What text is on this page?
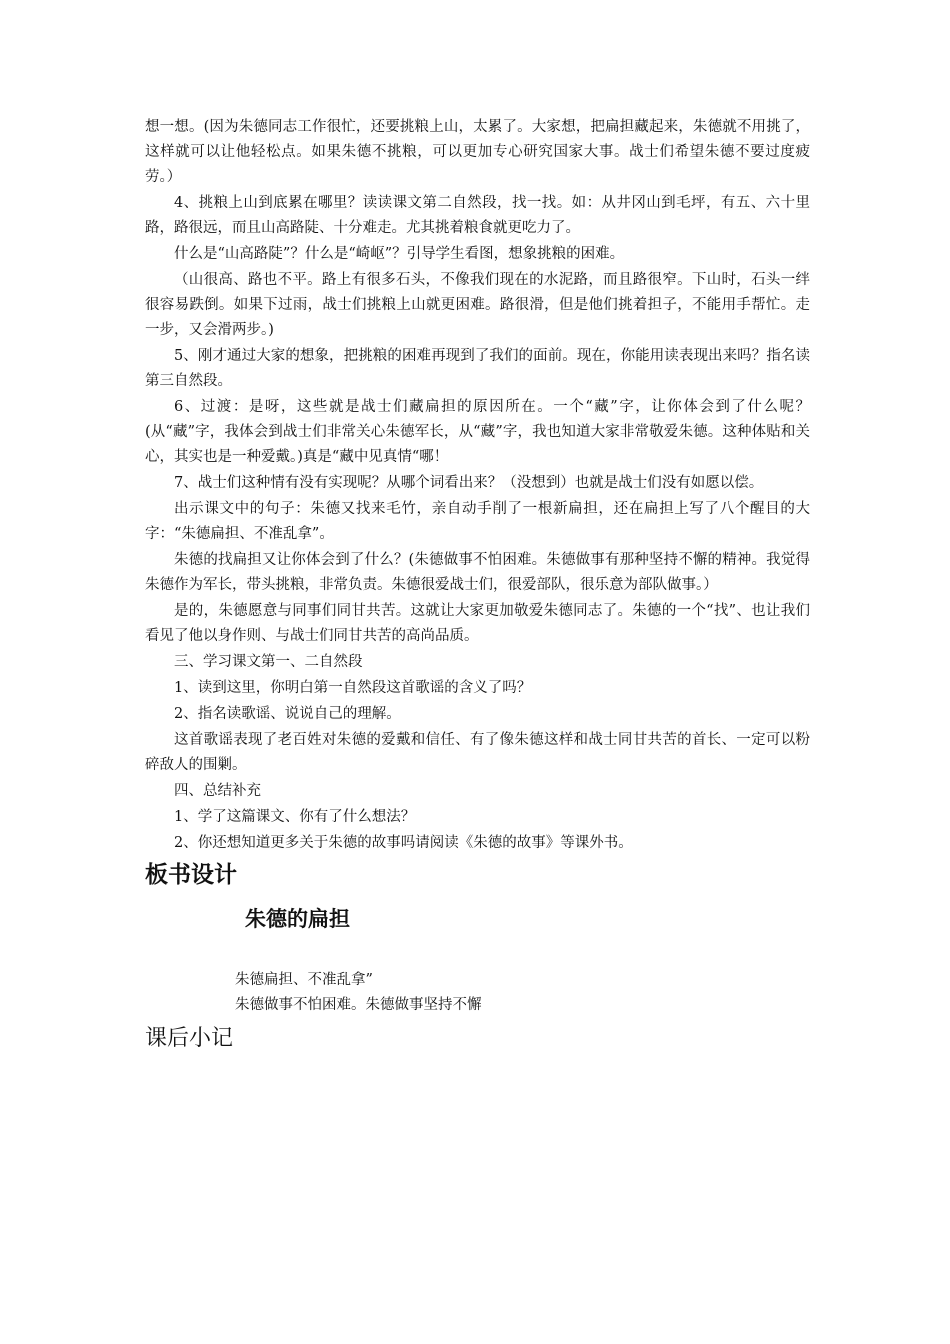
想一想。(因为朱德同志工作很忙，还要挑粮上山，太累了。大家想，把扁担藏起来，朱德就不用挑了，这样就可以让他轻松点。如果朱德不挑粮，可以更加专心研究国家大事。战士们希望朱德不要过度疲劳。）

4、挑粮上山到底累在哪里？读读课文第二自然段，找一找。如：从井冈山到毛坪，有五、六十里路，路很远，而且山高路陡、十分难走。尤其挑着粮食就更吃力了。

什么是“山高路陡”？什么是“崎岖”？引导学生看图，想象挑粮的困难。

（山很高、路也不平。路上有很多石头，不像我们现在的水泥路，而且路很窄。下山时，石头一绊很容易跌倒。如果下过雨，战士们挑粮上山就更困难。路很滑，但是他们挑着担子，不能用手帮忙。走一步，又会滑两步。)

5、刚才通过大家的想象，把挑粮的困难再现到了我们的面前。现在，你能用读表现出来吗？指名读第三自然段。

6、过渡：是呀，这些就是战士们藏扁担的原因所在。一个“藏”字，让你体会到了什么呢？(从“藏”字，我体会到战士们非常关心朱德军长，从“藏”字，我也知道大家非常敬爱朱德。这种体贴和关心，其实也是一种爱戴。)真是“藏中见真情“哪！

7、战士们这种情有没有实现呢？从哪个词看出来？（没想到）也就是战士们没有如愿以偿。

出示课文中的句子：朱德又找来毛竹，亲自动手削了一根新扁担，还在扁担上写了八个醒目的大字：“朱德扁担、不准乱拿”。

朱德的找扁担又让你体会到了什么？(朱德做事不怕困难。朱德做事有那种坚持不懈的精神。我觉得朱德作为军长，带头挑粮，非常负责。朱德很爱战士们，很爱部队，很乐意为部队做事。）

是的，朱德愿意与同事们同甘共苦。这就让大家更加敬爱朱德同志了。朱德的一个“找”、也让我们看见了他以身作则、与战士们同甘共苦的高尚品质。

三、学习课文第一、二自然段

1、读到这里，你明白第一自然段这首歌谣的含义了吗？

2、指名读歌谣、说说自己的理解。

这首歌谣表现了老百姓对朱德的爱戴和信任、有了像朱德这样和战士同甘共苦的首长、一定可以粉碎敌人的围剿。

四、总结补充

1、学了这篇课文、你有了什么想法？

2、你还想知道更多关于朱德的故事吗请阅读《朱德的故事》等课外书。

板书设计
朱德的扁担
朱德扁担、不准乱拿”
朱德做事不怕困难。朱德做事坚持不懈
课后小记
